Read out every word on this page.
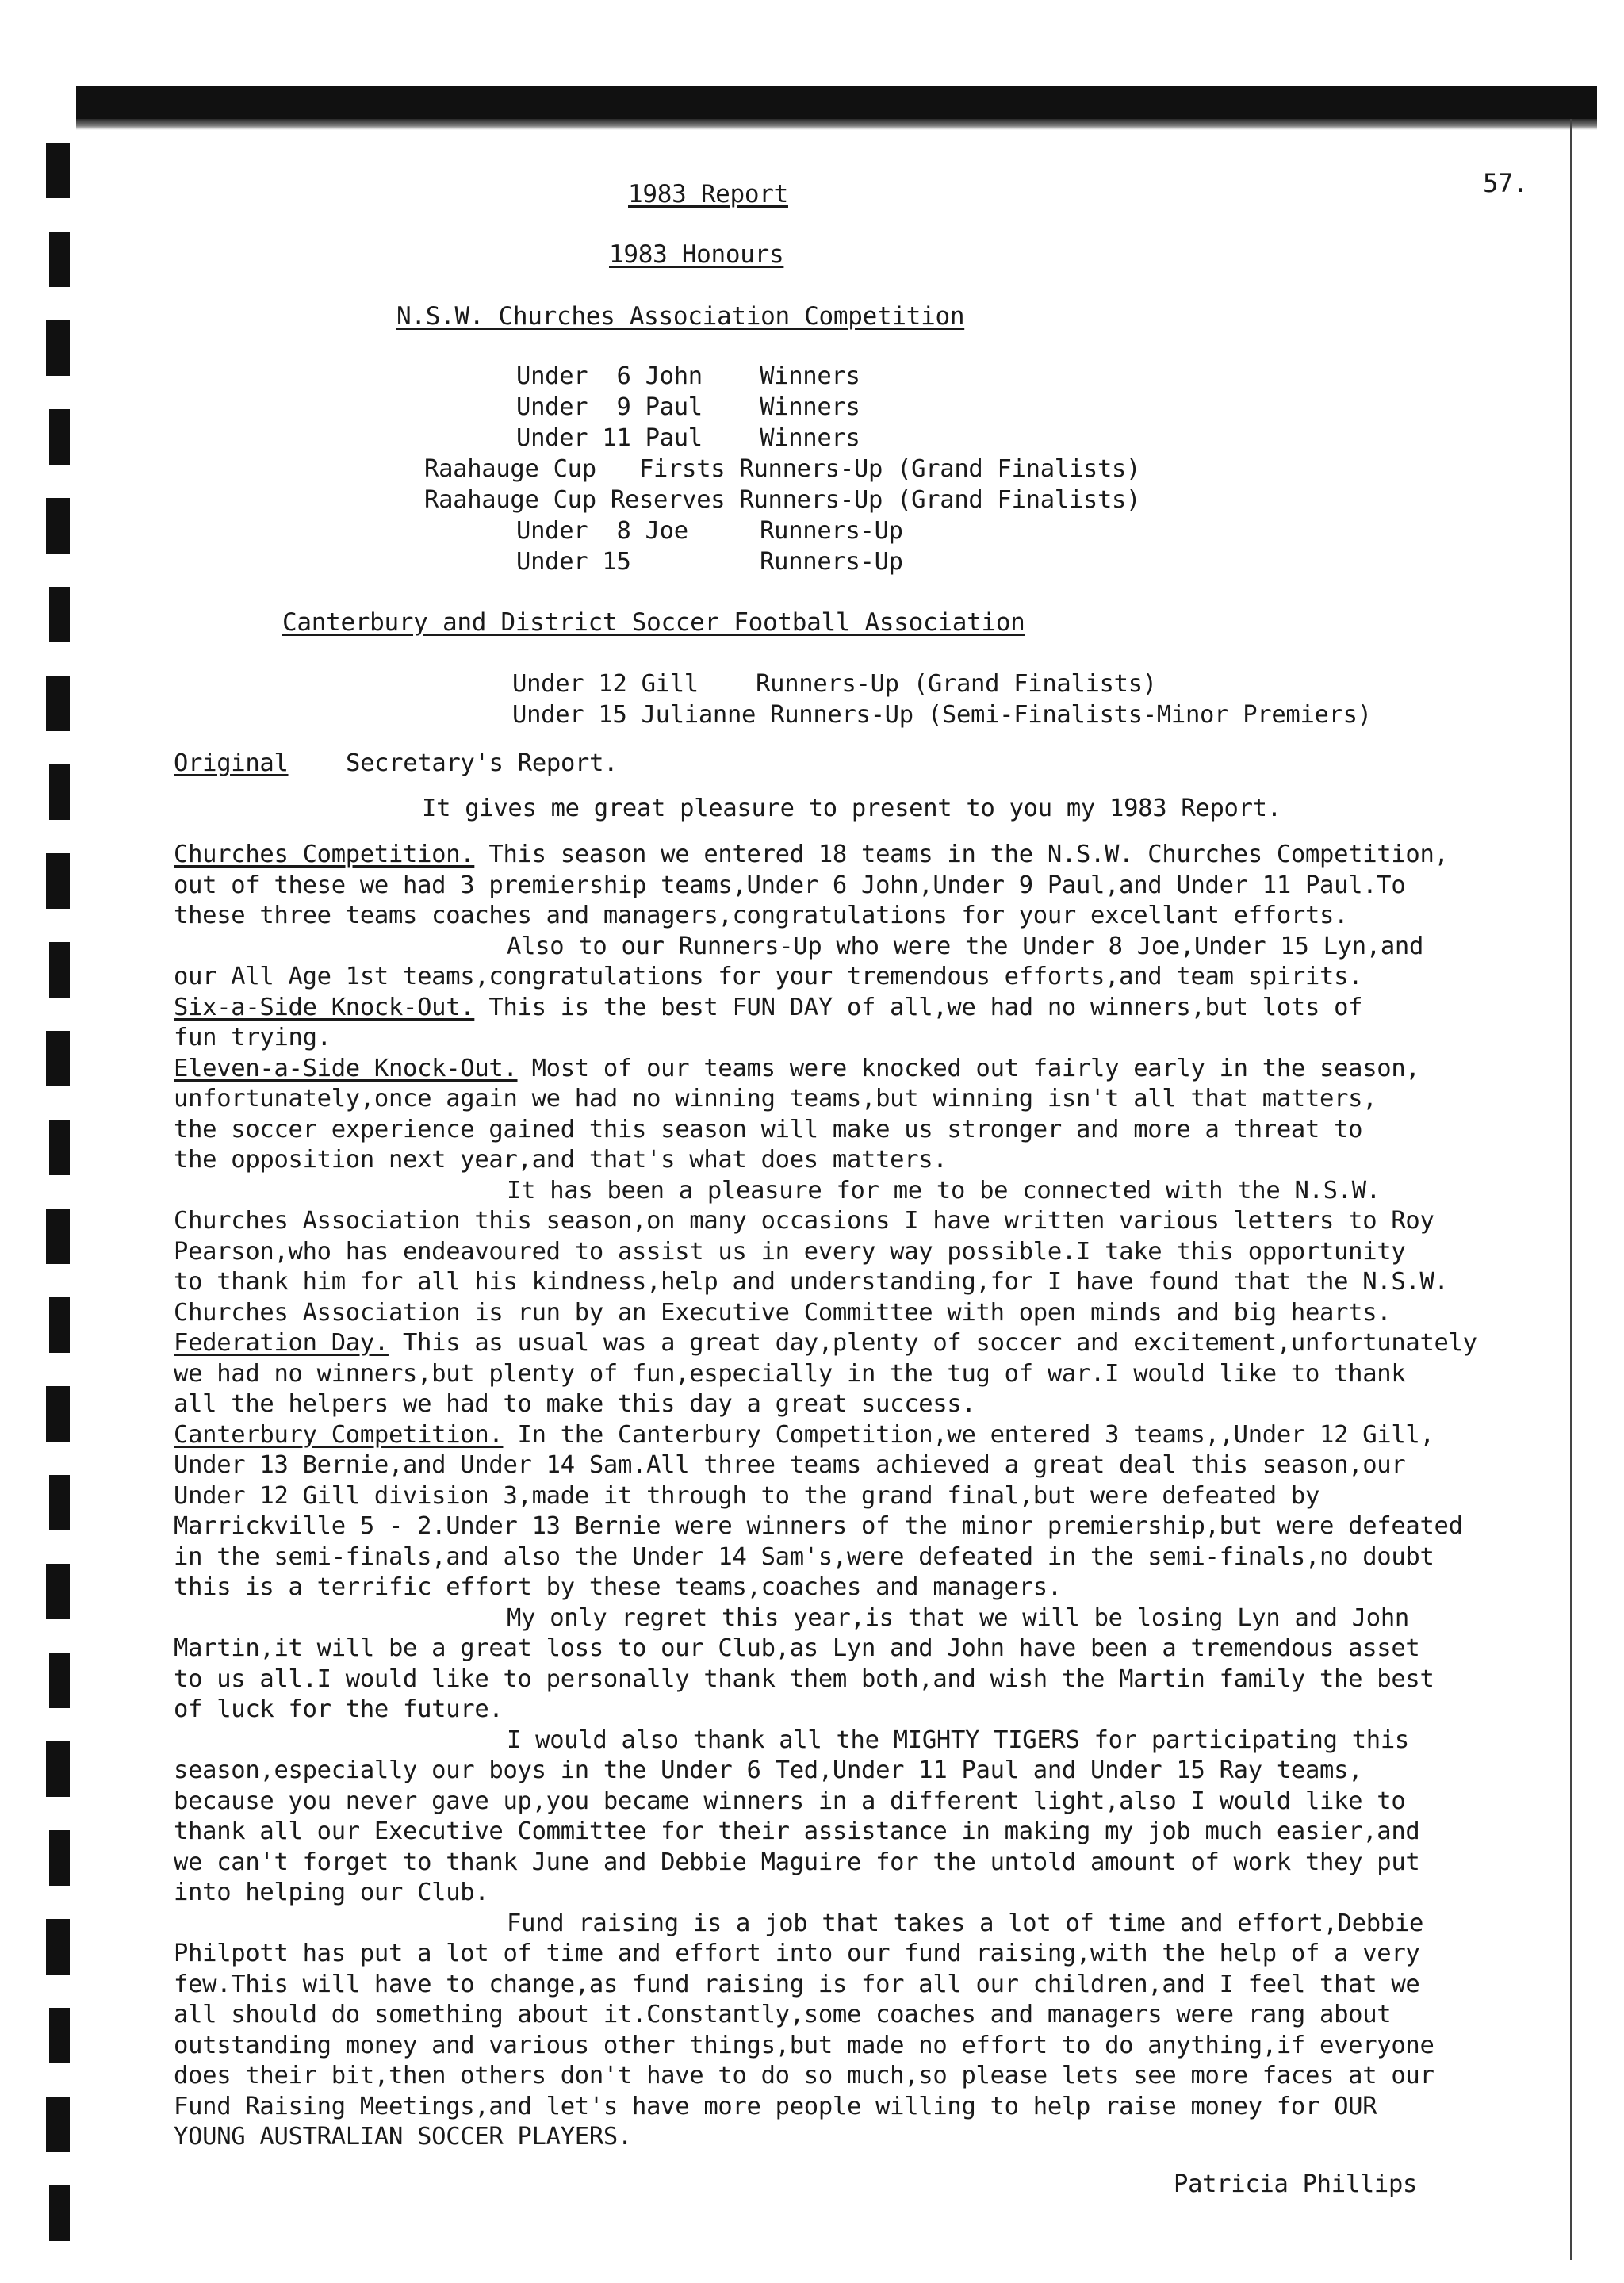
57.
1983 Report
1983 Honours
N.S.W. Churches Association Competition
Under  6 John    Winners
Under  9 Paul    Winners
Under 11 Paul    Winners
Raahauge Cup   Firsts Runners-Up (Grand Finalists)
Raahauge Cup Reserves Runners-Up (Grand Finalists)
Under  8 Joe     Runners-Up
Under 15         Runners-Up
Canterbury and District Soccer Football Association
Under 12 Gill    Runners-Up (Grand Finalists)
Under 15 Julianne Runners-Up (Semi-Finalists-Minor Premiers)
Original Secretary's Report.
It gives me great pleasure to present to you my 1983 Report.
Churches Competition. This season we entered 18 teams in the N.S.W. Churches Competition,
out of these we had 3 premiership teams,Under 6 John,Under 9 Paul,and Under 11 Paul.To
these three teams coaches and managers,congratulations for your excellant efforts.
Also to our Runners-Up who were the Under 8 Joe,Under 15 Lyn,and
our All Age 1st teams,congratulations for your tremendous efforts,and team spirits.
Six-a-Side Knock-Out. This is the best FUN DAY of all,we had no winners,but lots of
fun trying.
Eleven-a-Side Knock-Out. Most of our teams were knocked out fairly early in the season,
unfortunately,once again we had no winning teams,but winning isn't all that matters,
the soccer experience gained this season will make us stronger and more a threat to
the opposition next year,and that's what does matters.
It has been a pleasure for me to be connected with the N.S.W.
Churches Association this season,on many occasions I have written various letters to Roy
Pearson,who has endeavoured to assist us in every way possible.I take this opportunity
to thank him for all his kindness,help and understanding,for I have found that the N.S.W.
Churches Association is run by an Executive Committee with open minds and big hearts.
Federation Day. This as usual was a great day,plenty of soccer and excitement,unfortunately
we had no winners,but plenty of fun,especially in the tug of war.I would like to thank
all the helpers we had to make this day a great success.
Canterbury Competition. In the Canterbury Competition,we entered 3 teams,,Under 12 Gill,
Under 13 Bernie,and Under 14 Sam.All three teams achieved a great deal this season,our
Under 12 Gill division 3,made it through to the grand final,but were defeated by
Marrickville 5 - 2.Under 13 Bernie were winners of the minor premiership,but were defeated
in the semi-finals,and also the Under 14 Sam's,were defeated in the semi-finals,no doubt
this is a terrific effort by these teams,coaches and managers.
My only regret this year,is that we will be losing Lyn and John
Martin,it will be a great loss to our Club,as Lyn and John have been a tremendous asset
to us all.I would like to personally thank them both,and wish the Martin family the best
of luck for the future.
I would also thank all the MIGHTY TIGERS for participating this
season,especially our boys in the Under 6 Ted,Under 11 Paul and Under 15 Ray teams,
because you never gave up,you became winners in a different light,also I would like to
thank all our Executive Committee for their assistance in making my job much easier,and
we can't forget to thank June and Debbie Maguire for the untold amount of work they put
into helping our Club.
Fund raising is a job that takes a lot of time and effort,Debbie
Philpott has put a lot of time and effort into our fund raising,with the help of a very
few.This will have to change,as fund raising is for all our children,and I feel that we
all should do something about it.Constantly,some coaches and managers were rang about
outstanding money and various other things,but made no effort to do anything,if everyone
does their bit,then others don't have to do so much,so please lets see more faces at our
Fund Raising Meetings,and let's have more people willing to help raise money for OUR
YOUNG AUSTRALIAN SOCCER PLAYERS.
Patricia Phillips
